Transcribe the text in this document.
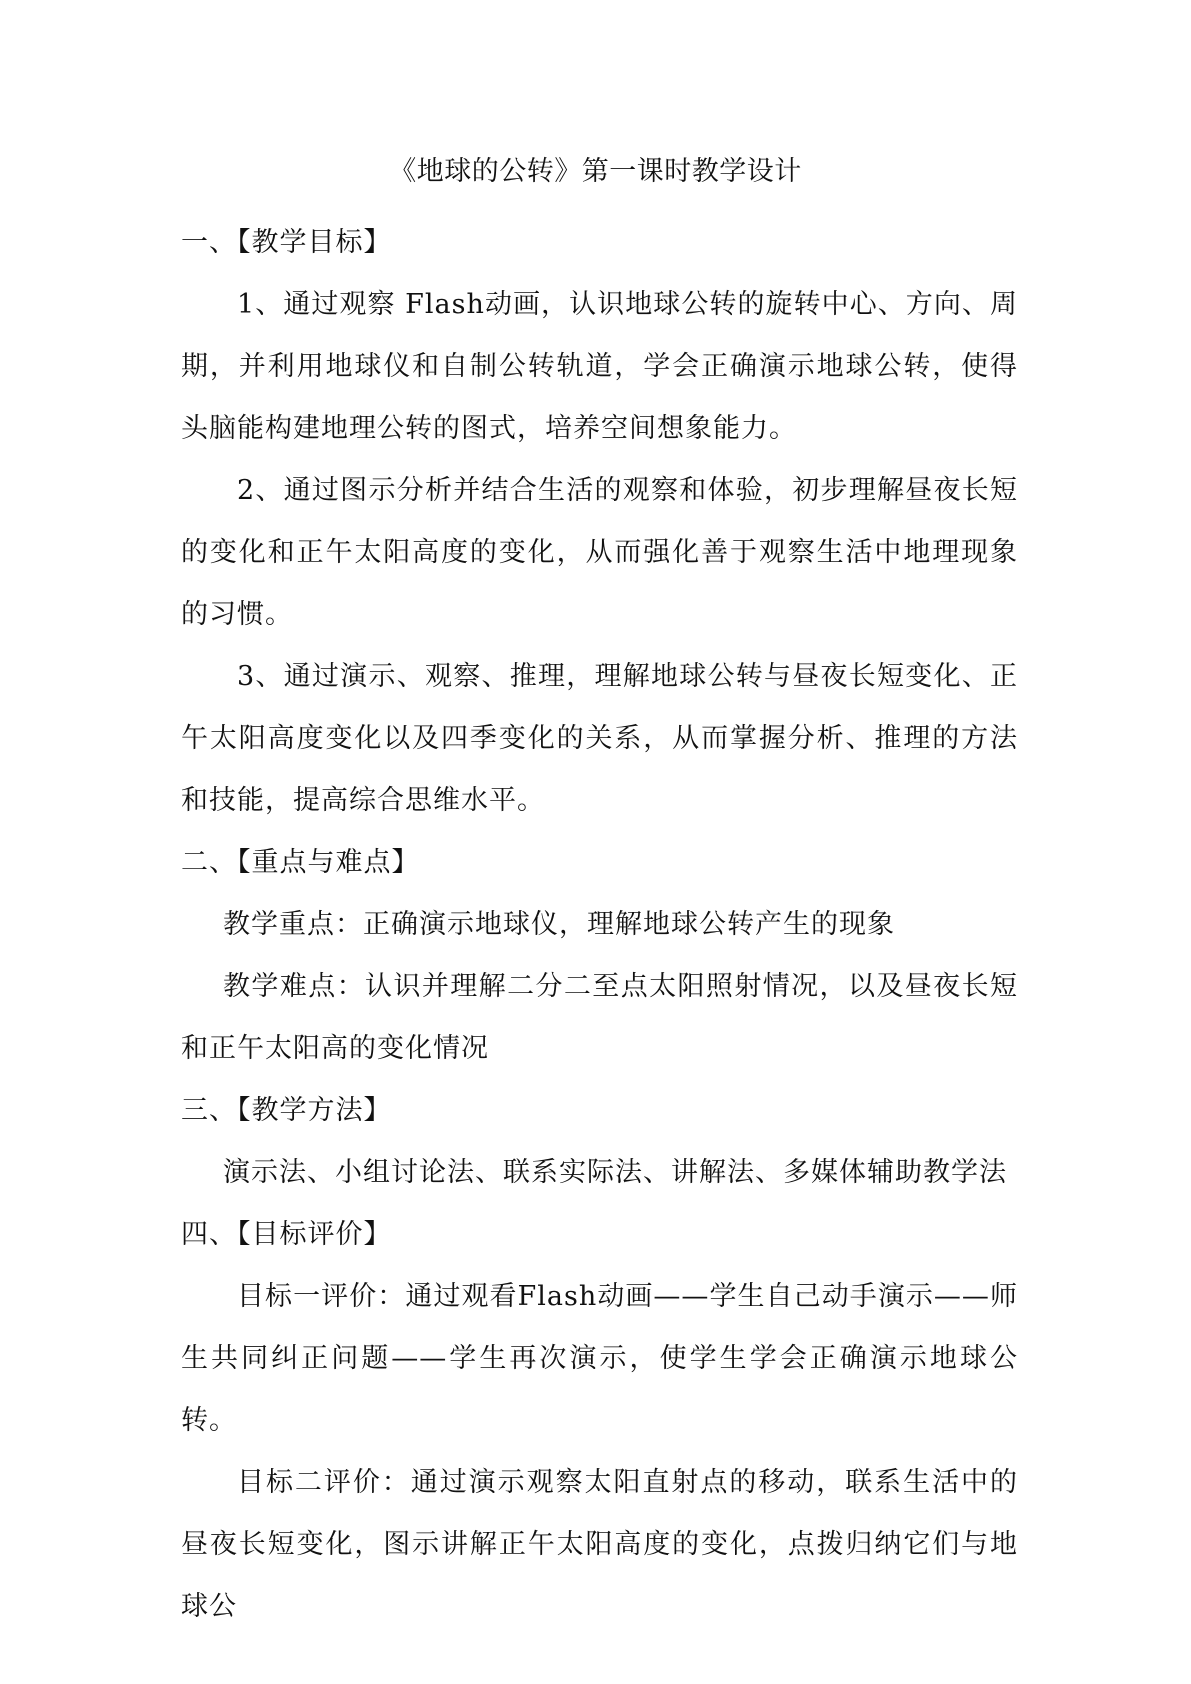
《地球的公转》第一课时教学设计

一、【教学目标】

1、通过观察 Flash动画，认识地球公转的旋转中心、方向、周期，并利用地球仪和自制公转轨道，学会正确演示地球公转，使得头脑能构建地理公转的图式，培养空间想象能力。

2、通过图示分析并结合生活的观察和体验，初步理解昼夜长短的变化和正午太阳高度的变化，从而强化善于观察生活中地理现象的习惯。

3、通过演示、观察、推理，理解地球公转与昼夜长短变化、正午太阳高度变化以及四季变化的关系，从而掌握分析、推理的方法和技能，提高综合思维水平。

二、【重点与难点】

教学重点：正确演示地球仪，理解地球公转产生的现象

教学难点：认识并理解二分二至点太阳照射情况，以及昼夜长短和正午太阳高的变化情况

三、【教学方法】

演示法、小组讨论法、联系实际法、讲解法、多媒体辅助教学法

四、【目标评价】

目标一评价：通过观看Flash动画——学生自己动手演示——师生共同纠正问题——学生再次演示，使学生学会正确演示地球公转。

目标二评价：通过演示观察太阳直射点的移动，联系生活中的昼夜长短变化，图示讲解正午太阳高度的变化，点拨归纳它们与地球公
